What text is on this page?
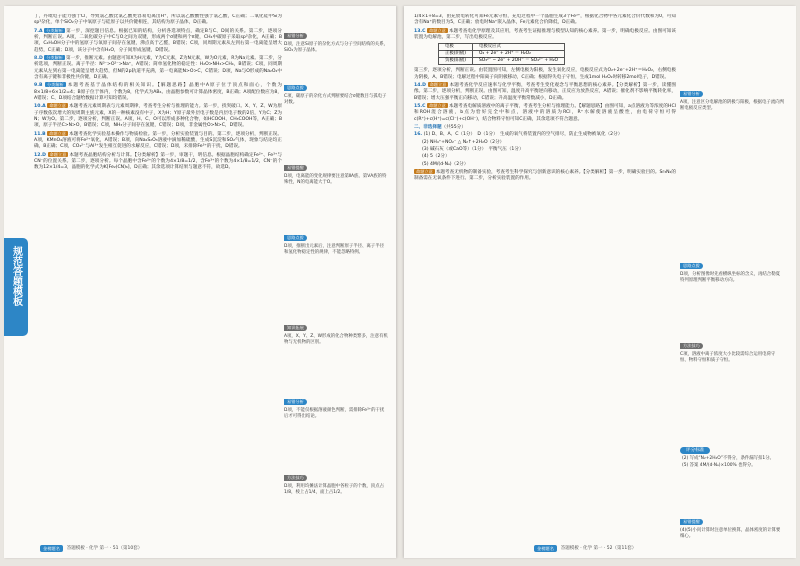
规范答题模板

丁，丹吡电子能力强于Cl，导致氯乙酸比氯乙酸更容易电离出H⁺，所以氯乙酸酸性强于氯乙酸，C正确；二氧化硅中Si为sp³杂化，单个SiO₂分子中氧原子与硅原子以共价键相连，其结构为原子晶体，D正确。

7.A 分类解析 第一步，深挖题目信息。根据已知的结构，分析各选项特点，确定B与C、D间的关系。第二步，逐项分析，判断正误。A项，二氧化碳分子中C与O之间为双键，形成两个σ键和两个π键，CH₄中碳原子采取sp³杂化，A正确；B项，C₂H₄OH分子中的氢原子与氧原子间存在氢键，沸点高于乙醛，B错误；C项，同周期元素从左到右第一电离能呈增大趋势，C正确；D项，该分子中含有H₂O，分子间形成氢键，D错误。

8.D 分类解析 第一步，推断元素。由题意可知X为H元素，Y为C元素，Z为N元素，W为O元素，R为Na元素。第二步，分析选项，判断正误。离子半径：N³⁻>O²⁻>Na⁺，A错误；简单氢化物的稳定性：H₂O>NH₃>CH₄，B错误；C项，同周期元素从左到右第一电离能呈增大趋势，但N的2p轨道半充满，第一电离能N>O>C，C错误；D项，Na与O形成的Na₂O₂中含有离子键和非极性共价键，D正确。

9.B 分类解析 本题考查基于晶体结构的相关知识。【解题思路】晶胞中A原子位于顶点和面心，个数为8×1/8+6×1/2=4；B原子位于体内，个数为8，化学式为AB₂。由晶胞参数可计算晶体密度，B正确；A项配位数应为8，A错误；C、D项结合题给数据计算可知均错误。

10.A 命题立意 本题考查元素周期表与元素周期律，考查考生分析与推理的能力。第一步，找突破口。X、Y、Z、W为原子序数依次增大的短周期主族元素，X的一种核素没有中子，X为H；Y原子最外层电子数是内层电子数的2倍，Y为C；Z为N；W为O。第二步，逐项分析，判断正误。A项，H、C、O可以形成多种化合物，如HCOOH、CH₃COOH等，A正确；B项，原子半径C>N>O，B错误；C项，NH₃分子间存在氢键，C错误；D项，非金属性O>N>C，D错误。

11.B 命题立意 本题考查化学实验基本操作与物质检验。第一步，分析实验装置与目的。第二步，逐项分析，判断正误。A项，KMnO₄溶液可将Fe²⁺氧化，A错误；B项，向Na₂S₂O₃溶液中滴加稀硫酸，生成S沉淀和SO₂气体，现象与结论均正确，B正确；C项，CO₃²⁻与Al³⁺发生相互促进的水解反应，C错误；D项，未排除Fe³⁺的干扰，D错误。

12.D 命题立意 本题考查晶胞结构分析与计算。【分类解析】第一步，审题干，明信息。根据晶胞结构确定Fe²⁺、Fe³⁺与CN⁻的位置关系。第二步，逐项分析。每个晶胞中含Fe²⁺的个数为4×1/8=1/2，含Fe³⁺的个数为4×1/8=1/2，CN⁻的个数为12×1/4=3，晶胞的化学式为K[Fe₂(CN)₆]，D正确；其余选项计算结果与题意不符，故选D。

易错分析

D项，注意Si原子的杂化方式与分子空间结构的关系，SiO₂为原子晶体。

思路点拨

C项，碳原子的杂化方式判断要结合σ键数目与孤电子对数。

易错提醒

D项，电离能的变化规律要注意第ⅡA族、第ⅤA族的特殊性，N的电离能大于O。

思路点拨

D项，推断出元素后，注意判断原子半径、离子半径和氢化物稳定性的规律，不能忽略特例。

知识拓展

A项，X、Y、Z、W形成的化合物种类繁多，注意有机物与无机物的区别。

易错分析

D项，不能仅根据溶液颜色判断，需排除Fe³⁺的干扰后才可得出结论。

方法技巧

D项，利用均摊法计算晶胞中各粒子的个数，顶点占1/8，棱上占1/4，面上占1/2。

金榜题名	答题模板 · 化学 第一 · 51（第10套）

1/4×1+8=3，由充放电转化可知Fe元素守恒，充电过程中一个晶胞生成3个Fe³⁺，根据化合物中各元素化合价代数和为0，可知含有Na⁺的数目为5，C正确；放电时Na⁺嵌入晶体，Fe元素化合价降低，D正确。

13.C 命题立意 本题考查电化学原理及其应用，考查考生证据推理与模型认知的核心素养。第一步，明确电极反应。由图可知该装置为电解池，第二步，写出电极反应。

电极	电极反应式
正极(阴极)	O₂ + 2e⁻ + 2H⁺ ＝ H₂O₂
负极(阳极)	SO₃²⁻ − 2e⁻ + 2OH⁻ ＝ SO₄²⁻ + H₂O

第三步，逐项分析，判断正误。由装置图可知，左侧电极为阳极，发生氧化反应，电极反应式为O₂+2e⁻+2H⁺＝H₂O₂，右侧电极为阴极，A、B错误；电解过程中阳离子向阴极移动，C正确；根据得失电子守恒，生成1mol H₂O₂时转移2mol电子，D错误。

14.D 命题立意 本题考查化学反应速率与化学平衡，考查考生变化观念与平衡思想的核心素养。【分类解析】第一步，读懂图像。第二步，逐项分析，判断正误。由图可知，温度升高平衡逆向移动，正反应为放热反应，A错误；催化剂不影响平衡转化率，B错误；增大压强平衡正向移动，C错误；升高温度平衡常数减小，D正确。

15.C 命题立意 本题考查电解质溶液中的离子平衡，考查考生分析与推理能力。【解题思路】由图可知，a点溶液为等浓度的HCl和ROH混合溶液，b点为恰好完全中和点，溶液中的溶质为RCl，R⁺水解使溶液呈酸性，由电荷守恒可得c(R⁺)+c(H⁺)=c(Cl⁻)+c(OH⁻)，结合物料守恒可知C正确，其余选项不符合题意。

二、非选择题（共55分）

16. (1) D、B、A、C（1分）　D（1分）　生成的氧气将装置内的空气排尽，防止生成物被氧化（2分）

(2) NH₄⁺+NO₂⁻ △ N₂↑+2H₂O（2分）

(3) 碱石灰（或CaO等）（1分）　平衡气压（1分）

(4) 5（2分）

(5) 4M/(d·Nₐ)（2分）

命题立意 本题考查无机物的制备实验，考查考生科学探究与创新意识的核心素养。【分类解析】第一步，明确实验目的。Sr₃N₂的制备需在无氧条件下进行。第二步，分析实验装置的作用。

易错分析

A项，注意区分电解池的阴极与阳极，根据电子流向判断电极反应类型。

思路点拨

D项，分析图像时先看横纵坐标的含义，再结合勒夏特列原理判断平衡移动方向。

方法技巧

C项，溶液中离子浓度大小比较需综合运用电荷守恒、物料守恒和质子守恒。

评分标准

(2) 写成“N₂+2H₂O”不得分，条件漏写扣1分。

(5) 答案 4M/(d·Nₐ)×100% 也得分。

易错提醒

(4)(5)小问计算时注意单位换算，晶体密度的计算要细心。

金榜题名	答题模板 · 化学 第一 · 52（第11套）
